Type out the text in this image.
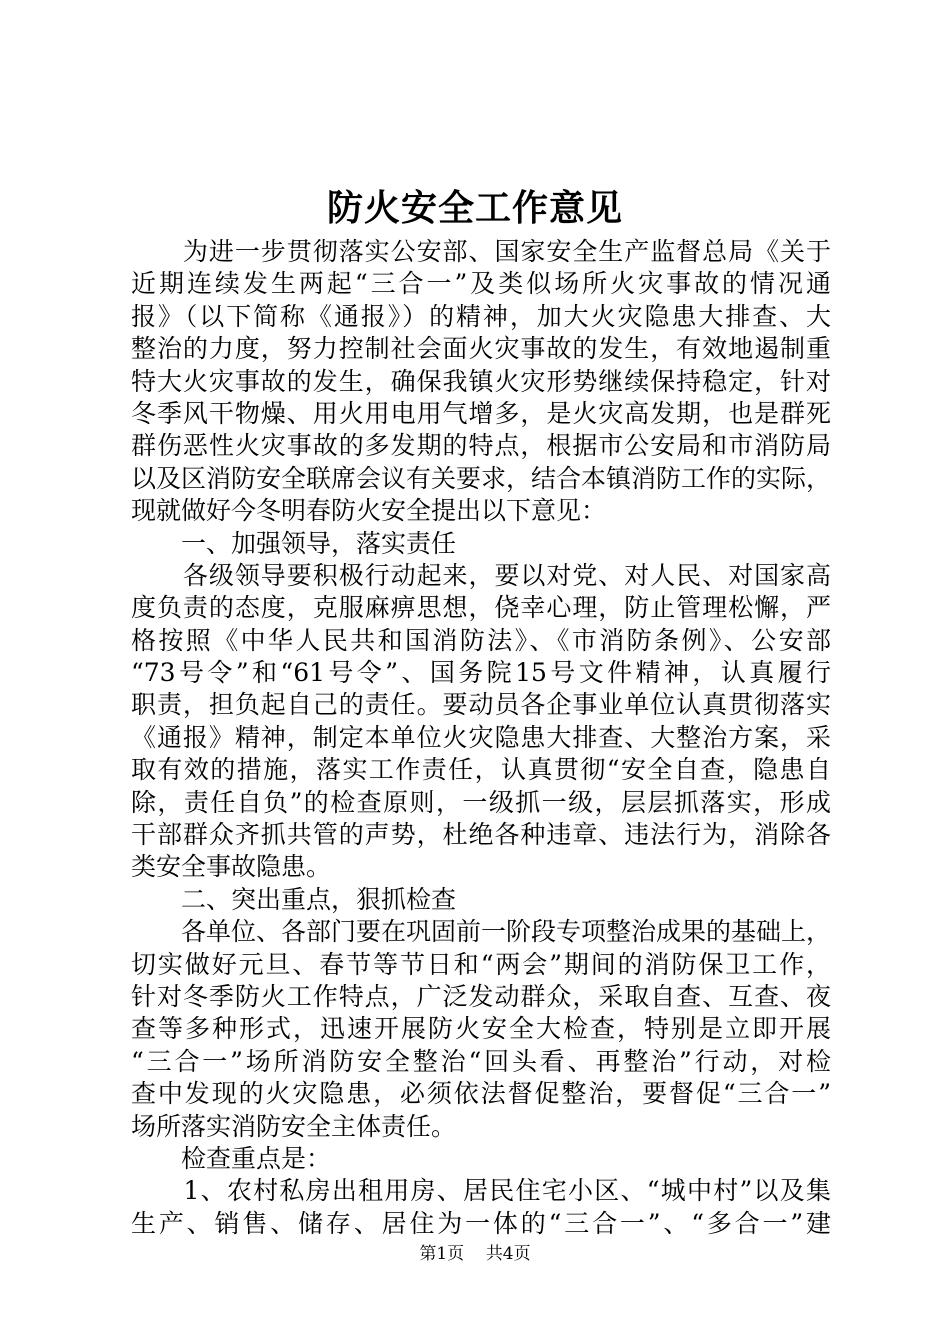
防火安全工作意见
　　为进一步贯彻落实公安部、国家安全生产监督总局《关于
近期连续发生两起“三合一”及类似场所火灾事故的情况通
报》（以下简称《通报》）的精神，加大火灾隐患大排查、大
整治的力度，努力控制社会面火灾事故的发生，有效地遏制重
特大火灾事故的发生，确保我镇火灾形势继续保持稳定，针对
冬季风干物燥、用火用电用气增多，是火灾高发期，也是群死
群伤恶性火灾事故的多发期的特点，根据市公安局和市消防局
以及区消防安全联席会议有关要求，结合本镇消防工作的实际，
现就做好今冬明春防火安全提出以下意见：
　　一、加强领导，落实责任
　　各级领导要积极行动起来，要以对党、对人民、对国家高
度负责的态度，克服麻痹思想，侥幸心理，防止管理松懈，严
格按照《中华人民共和国消防法》、《市消防条例》、公安部
“73号令”和“61号令”、国务院15号文件精神，认真履行
职责，担负起自己的责任。要动员各企事业单位认真贯彻落实
《通报》精神，制定本单位火灾隐患大排查、大整治方案，采
取有效的措施，落实工作责任，认真贯彻“安全自查，隐患自
除，责任自负”的检查原则，一级抓一级，层层抓落实，形成
干部群众齐抓共管的声势，杜绝各种违章、违法行为，消除各
类安全事故隐患。
　　二、突出重点，狠抓检查
　　各单位、各部门要在巩固前一阶段专项整治成果的基础上，
切实做好元旦、春节等节日和“两会”期间的消防保卫工作，
针对冬季防火工作特点，广泛发动群众，采取自查、互查、夜
查等多种形式，迅速开展防火安全大检查，特别是立即开展
“三合一”场所消防安全整治“回头看、再整治”行动，对检
查中发现的火灾隐患，必须依法督促整治，要督促“三合一”
场所落实消防安全主体责任。
　　检查重点是：
　　1、农村私房出租用房、居民住宅小区、“城中村”以及集
生产、销售、储存、居住为一体的“三合一”、“多合一”建
第1页 共4页
